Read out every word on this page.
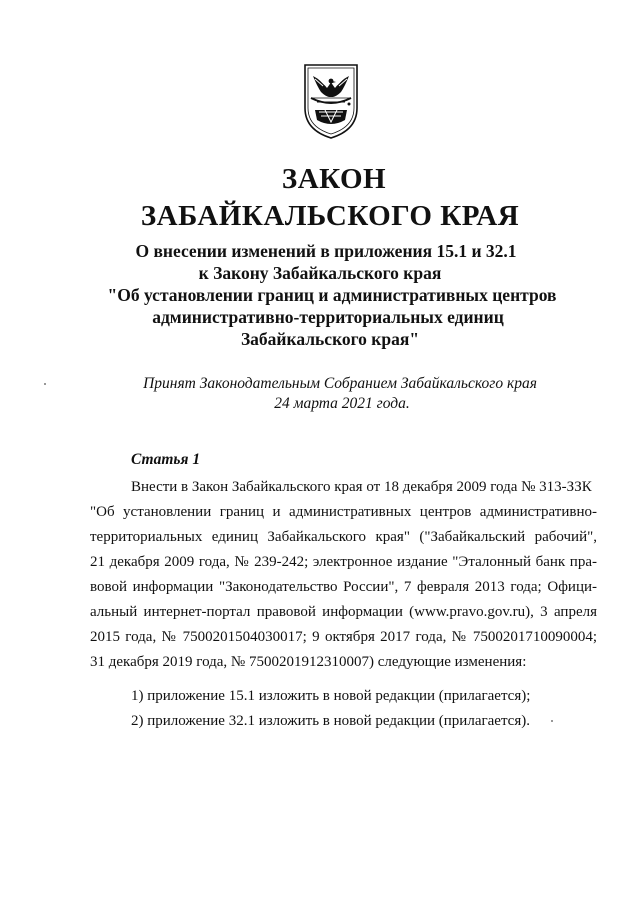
ЗАКОН
ЗАБАЙКАЛЬСКОГО КРАЯ
О внесении изменений в приложения 15.1 и 32.1
к Закону Забайкальского края
"Об установлении границ и административных центров
административно-территориальных единиц
Забайкальского края"
Принят Законодательным Собранием Забайкальского края
24 марта 2021 года.
Статья 1
Внести в Закон Забайкальского края от 18 декабря 2009 года № 313-ЗЗК
"Об установлении границ и административных центров административно-
территориальных единиц Забайкальского края" ("Забайкальский рабочий",
21 декабря 2009 года, № 239-242; электронное издание "Эталонный банк пра-
вовой информации "Законодательство России", 7 февраля 2013 года; Офици-
альный интернет-портал правовой информации (www.pravo.gov.ru), 3 апреля
2015 года, № 7500201504030017; 9 октября 2017 года, № 7500201710090004;
31 декабря 2019 года, № 7500201912310007) следующие изменения:
1) приложение 15.1 изложить в новой редакции (прилагается);
2) приложение 32.1 изложить в новой редакции (прилагается).
